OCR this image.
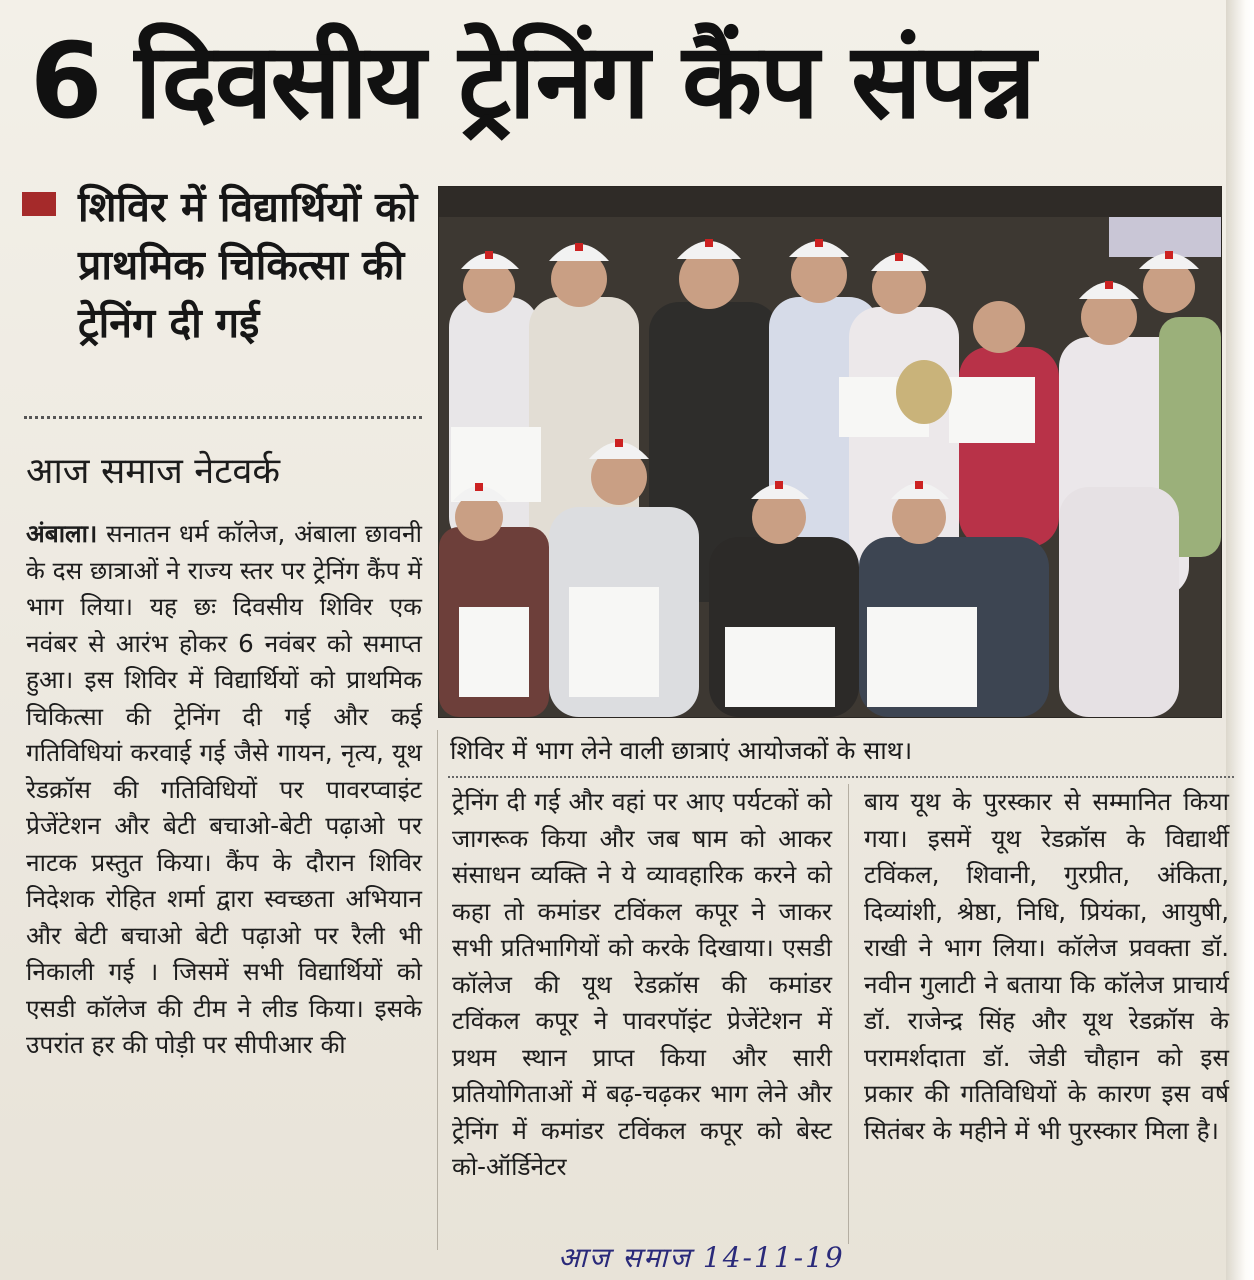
6 दिवसीय ट्रेनिंग कैंप संपन्न
शिविर में विद्यार्थियों को प्राथमिक चिकित्सा की ट्रेनिंग दी गई
आज समाज नेटवर्क
अंबाला। सनातन धर्म कॉलेज, अंबाला छावनी के दस छात्राओं ने राज्य स्तर पर ट्रेनिंग कैंप में भाग लिया। यह छः दिवसीय शिविर एक नवंबर से आरंभ होकर 6 नवंबर को समाप्त हुआ। इस शिविर में विद्यार्थियों को प्राथमिक चिकित्सा की ट्रेनिंग दी गई और कई गतिविधियां करवाई गई जैसे गायन, नृत्य, यूथ रेडक्रॉस की गतिविधियों पर पावरप्वाइंट प्रेजेंटेशन और बेटी बचाओ-बेटी पढ़ाओ पर नाटक प्रस्तुत किया। कैंप के दौरान शिविर निदेशक रोहित शर्मा द्वारा स्वच्छता अभियान और बेटी बचाओ बेटी पढ़ाओ पर रैली भी निकाली गई । जिसमें सभी विद्यार्थियों को एसडी कॉलेज की टीम ने लीड किया। इसके उपरांत हर की पोड़ी पर सीपीआर की
शिविर में भाग लेने वाली छात्राएं आयोजकों के साथ।
ट्रेनिंग दी गई और वहां पर आए पर्यटकों को जागरूक किया और जब षाम को आकर संसाधन व्यक्ति ने ये व्यावहारिक करने को कहा तो कमांडर टविंकल कपूर ने जाकर सभी प्रतिभागियों को करके दिखाया। एसडी कॉलेज की यूथ रेडक्रॉस की कमांडर टविंकल कपूर ने पावरपॉइंट प्रेजेंटेशन में प्रथम स्थान प्राप्त किया और सारी प्रतियोगिताओं में बढ़-चढ़कर भाग लेने और ट्रेनिंग में कमांडर टविंकल कपूर को बेस्ट को-ऑर्डिनेटर
बाय यूथ के पुरस्कार से सम्मानित किया गया। इसमें यूथ रेडक्रॉस के विद्यार्थी टविंकल, शिवानी, गुरप्रीत, अंकिता, दिव्यांशी, श्रेष्ठा, निधि, प्रियंका, आयुषी, राखी ने भाग लिया। कॉलेज प्रवक्ता डॉ. नवीन गुलाटी ने बताया कि कॉलेज प्राचार्य डॉ. राजेन्द्र सिंह और यूथ रेडक्रॉस के परामर्शदाता डॉ. जेडी चौहान को इस प्रकार की गतिविधियों के कारण इस वर्ष सितंबर के महीने में भी पुरस्कार मिला है।
आज समाज 14-11-19
